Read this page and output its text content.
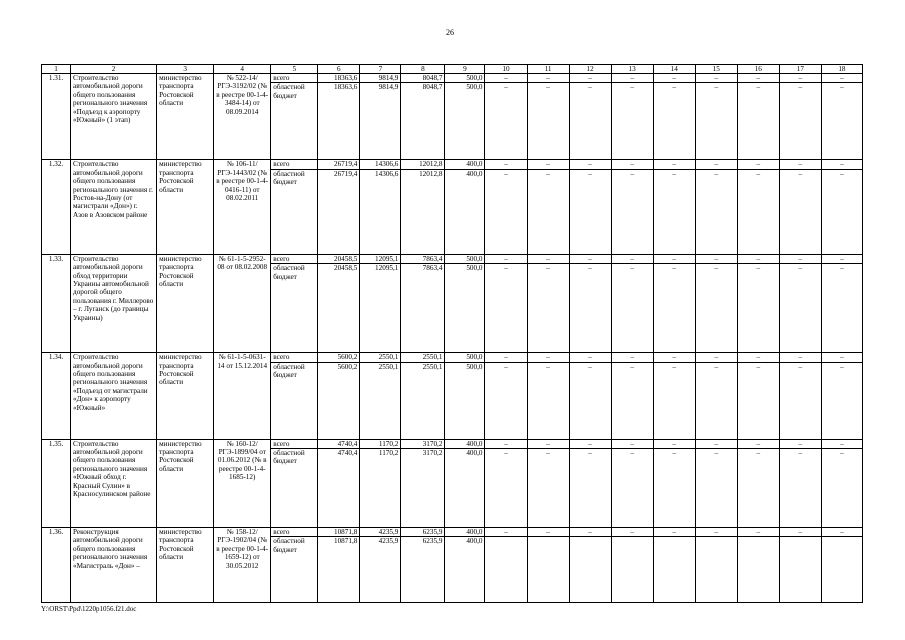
26
1	2	3	4	5	6	7	8	9	10	11	12	13	14	15	16	17	18
1.31.	Строительство автомобильной дороги общего пользования регионального значения «Подъезд к аэропорту «Южный» (1 этап)	министерство транспорта Ростовской области	№ 522-14/РГЭ-3192/02 (№ в реестре 00-1-4-3484-14) от 08.09.2014	всего	18363,6	9814,9	8048,7	500,0	–	–	–	–	–	–	–	–	–
				областной бюджет	18363,6	9814,9	8048,7	500,0	–	–	–	–	–	–	–	–	–
1.32.	Строительство автомобильной дороги общего пользования регионального значения г. Ростов-на-Дону (от магистрали «Дон») г. Азов в Азовском районе	министерство транспорта Ростовской области	№ 106-11/РГЭ-1443/02 (№ в реестре 00-1-4-0416-11) от 08.02.2011	всего	26719,4	14306,6	12012,8	400,0	–	–	–	–	–	–	–	–	–
				областной бюджет	26719,4	14306,6	12012,8	400,0	–	–	–	–	–	–	–	–	–
1.33.	Строительство автомобильной дороги обход территории Украины автомобильной дорогой общего пользования г. Миллерово – г. Луганск (до границы Украины)	министерство транспорта Ростовской области	№ 61-1-5-2952-08 от 08.02.2008	всего	20458,5	12095,1	7863,4	500,0	–	–	–	–	–	–	–	–	–
				областной бюджет	20458,5	12095,1	7863,4	500,0	–	–	–	–	–	–	–	–	–
1.34.	Строительство автомобильной дороги общего пользования регионального значения «Подъезд от магистрали «Дон» к аэропорту «Южный»	министерство транспорта Ростовской области	№ 61-1-5-0631-14 от 15.12.2014	всего	5600,2	2550,1	2550,1	500,0	–	–	–	–	–	–	–	–	–
				областной бюджет	5600,2	2550,1	2550,1	500,0	–	–	–	–	–	–	–	–	–
1.35.	Строительство автомобильной дороги общего пользования регионального значения «Южный обход г. Красный Сулин» в Красносулинском районе	министерство транспорта Ростовской области	№ 160-12/РГЭ-1899/04 от 01.06.2012 (№ в реестре 00-1-4-1685-12)	всего	4740,4	1170,2	3170,2	400,0	–	–	–	–	–	–	–	–	–
				областной бюджет	4740,4	1170,2	3170,2	400,0	–	–	–	–	–	–	–	–	–
1.36.	Реконструкция автомобильной дороги общего пользования регионального значения «Магистраль «Дон» –	министерство транспорта Ростовской области	№ 158-12/РГЭ-1902/04 (№ в реестре 00-1-4-1659-12) от 30.05.2012	всего	10871,8	4235,9	6235,9	400,0	–	–	–	–	–	–	–	–	–
				областной бюджет	10871,8	4235,9	6235,9	400,0									
Y:\ORST\Ppd\1220p1056.f21.doc
